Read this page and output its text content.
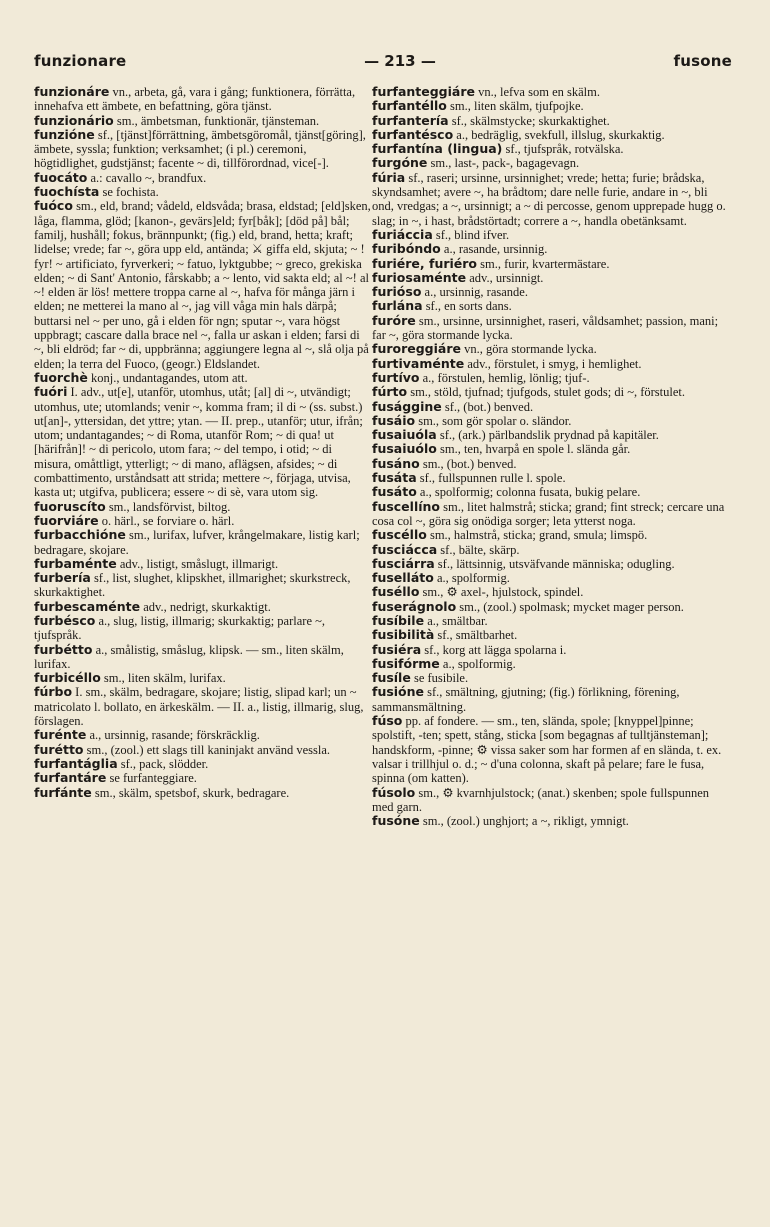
funzionare	— 213 —	fusone

funzionáre vn., arbeta, gå, vara i gång; funktionera, förrätta, innehafva ett ämbete, en befattning, göra tjänst.

funzionário sm., ämbetsman, funktionär, tjänsteman.

funzióne sf., [tjänst]förrättning, ämbetsgöromål, tjänst[göring], ämbete, syssla; funktion; verksamhet; (i pl.) ceremoni, högtidlighet, gudstjänst; facente ~ di, tillförordnad, vice[-].

fuocáto a.: cavallo ~, brandfux.

fuochísta se fochista.

fuóco sm., eld, brand; vådeld, eldsvåda; brasa, eldstad; [eld]sken, låga, flamma, glöd; [kanon-, gevärs]eld; fyr[båk]; [död på] bål; familj, hushåll; fokus, brännpunkt; (fig.) eld, brand, hetta; kraft; lidelse; vrede; far ~, göra upp eld, antända; ⚔ giffa eld, skjuta; ~ ! fyr! ~ artificiato, fyrverkeri; ~ fatuo, lyktgubbe; ~ greco, grekiska elden; ~ di Sant' Antonio, fårskabb; a ~ lento, vid sakta eld; al ~! al ~! elden är lös! mettere troppa carne al ~, hafva för många järn i elden; ne metterei la mano al ~, jag vill våga min hals därpå; buttarsi nel ~ per uno, gå i elden för ngn; sputar ~, vara högst uppbragt; cascare dalla brace nel ~, falla ur askan i elden; farsi di ~, bli eldröd; far ~ di, uppbränna; aggiungere legna al ~, slå olja på elden; la terra del Fuoco, (geogr.) Eldslandet.

fuorchè konj., undantagandes, utom att.

fuóri I. adv., ut[e], utanför, utomhus, utåt; [al] di ~, utvändigt; utomhus, ute; utomlands; venir ~, komma fram; il di ~ (ss. subst.) ut[an]-, yttersidan, det yttre; ytan. — II. prep., utanför; utur, ifrån; utom; undantagandes; ~ di Roma, utanför Rom; ~ di qua! ut [härifrån]! ~ di pericolo, utom fara; ~ del tempo, i otid; ~ di misura, omåttligt, ytterligt; ~ di mano, aflägsen, afsides; ~ di combattimento, urståndsatt att strida; mettere ~, förjaga, utvisa, kasta ut; utgifva, publicera; essere ~ di sè, vara utom sig.

fuoruscíto sm., landsförvist, biltog.

fuorviáre o. härl., se forviare o. härl.

furbacchióne sm., lurifax, lufver, krångelmakare, listig karl; bedragare, skojare.

furbaménte adv., listigt, småslugt, illmarigt.

furbería sf., list, slughet, klipskhet, illmarighet; skurkstreck, skurkaktighet.

furbescaménte adv., nedrigt, skurkaktigt.

furbésco a., slug, listig, illmarig; skurkaktig; parlare ~, tjufspråk.

furbétto a., smålistig, småslug, klipsk. — sm., liten skälm, lurifax.

furbicéllo sm., liten skälm, lurifax.

fúrbo I. sm., skälm, bedragare, skojare; listig, slipad karl; un ~ matricolato l. bollato, en ärkeskälm. — II. a., listig, illmarig, slug, förslagen.

furénte a., ursinnig, rasande; förskräcklig.

furétto sm., (zool.) ett slags till kaninjakt använd vessla.

furfantáglia sf., pack, slödder.

furfantáre se furfanteggiare.

furfánte sm., skälm, spetsbof, skurk, bedragare.

furfanteggiáre vn., lefva som en skälm.

furfantéllo sm., liten skälm, tjufpojke.

furfantería sf., skälmstycke; skurkaktighet.

furfantésco a., bedräglig, svekfull, illslug, skurkaktig.

furfantína (lingua) sf., tjufspråk, rotvälska.

furgóne sm., last-, pack-, bagagevagn.

fúria sf., raseri; ursinne, ursinnighet; vrede; hetta; furie; brådska, skyndsamhet; avere ~, ha brådtom; dare nelle furie, andare in ~, bli ond, vredgas; a ~, ursinnigt; a ~ di percosse, genom upprepade hugg o. slag; in ~, i hast, brådstörtadt; correre a ~, handla obetänksamt.

furiáccia sf., blind ifver.

furibóndo a., rasande, ursinnig.

furiére, furiéro sm., furir, kvartermästare.

furiosaménte adv., ursinnigt.

furióso a., ursinnig, rasande.

furlána sf., en sorts dans.

furóre sm., ursinne, ursinnighet, raseri, våldsamhet; passion, mani; far ~, göra stormande lycka.

furoreggiáre vn., göra stormande lycka.

furtivaménte adv., förstulet, i smyg, i hemlighet.

furtívo a., förstulen, hemlig, lönlig; tjuf-.

fúrto sm., stöld, tjufnad; tjufgods, stulet gods; di ~, förstulet.

fusággine sf., (bot.) benved.

fusáio sm., som gör spolar o. sländor.

fusaiuóla sf., (ark.) pärlbandslik prydnad på kapitäler.

fusaiuólo sm., ten, hvarpå en spole l. slända går.

fusáno sm., (bot.) benved.

fusáta sf., fullspunnen rulle l. spole.

fusáto a., spolformig; colonna fusata, bukig pelare.

fuscellíno sm., litet halmstrå; sticka; grand; fint streck; cercare una cosa col ~, göra sig onödiga sorger; leta ytterst noga.

fuscéllo sm., halmstrå, sticka; grand, smula; limspö.

fusciácca sf., bälte, skärp.

fusciárra sf., lättsinnig, utsväfvande människa; odugling.

fuselláto a., spolformig.

fuséllo sm., ⚙ axel-, hjulstock, spindel.

fuserágnolo sm., (zool.) spolmask; mycket mager person.

fusíbile a., smältbar.

fusibilità sf., smältbarhet.

fusiéra sf., korg att lägga spolarna i.

fusifórme a., spolformig.

fusíle se fusibile.

fusióne sf., smältning, gjutning; (fig.) förlikning, förening, sammansmältning.

fúso pp. af fondere. — sm., ten, slända, spole; [knyppel]pinne; spolstift, -ten; spett, stång, sticka [som begagnas af tulltjänsteman]; handskform, -pinne; ⚙ vissa saker som har formen af en slända, t. ex. valsar i trillhjul o. d.; ~ d'una colonna, skaft på pelare; fare le fusa, spinna (om katten).

fúsolo sm., ⚙ kvarnhjulstock; (anat.) skenben; spole fullspunnen med garn.

fusóne sm., (zool.) unghjort; a ~, rikligt, ymnigt.
